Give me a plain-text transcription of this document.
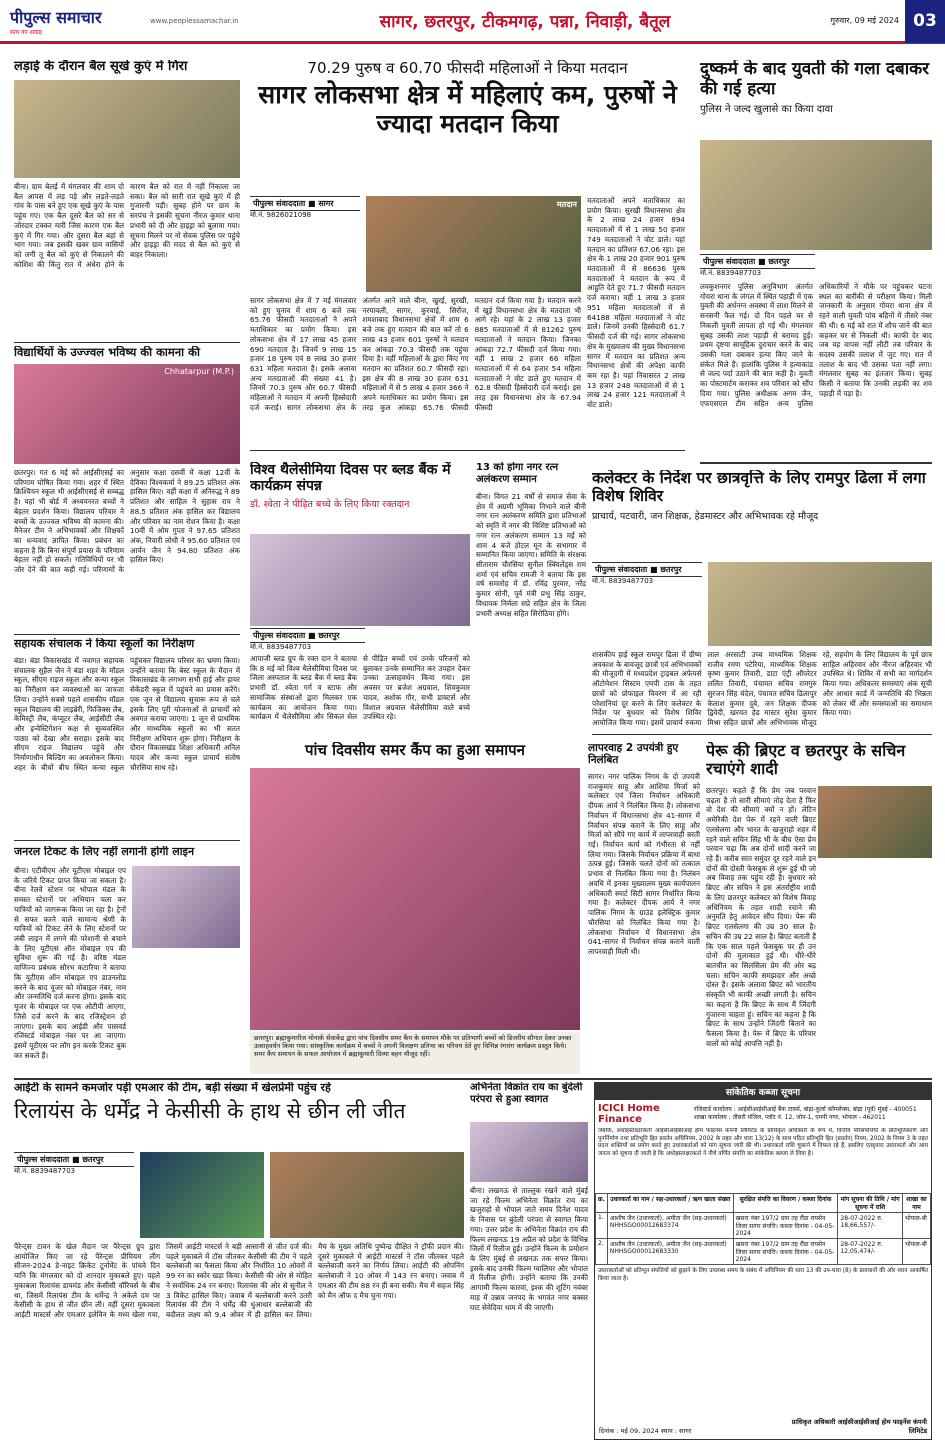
पीपुल्स समाचार
सत्य का आग्रह
www.peoplessamachar.in	सागर, छतरपुर, टीकमगढ़, पन्ना, निवाड़ी, बैतूल	गुरुवार, 09 मई 2024 03
लड़ाई के दौरान बैल सूखे कुएं में गिरा
बीना। ग्राम बेलई में मंगलवार की शाम दो बैल आपस में लड़ पड़े और लड़ते-लड़ते गांव के पास बने हुए एक सूखे कुएं के पास पहुंच गए। एक बैल दूसरे बैल को सर से जोरदार टक्कर मारी जिस कारण एक बैल कुएं में गिर गया। और दूसरा बैल बहां से भाग गया। जब इसकी खबर ग्राम वासियों को लगी तू बैल को कुएं से निकालने की कोशिश की किंतु रात में अंधेरा होने के कारण बैल को रात में नहीं निकाला जा सका। बैल को सारी रात सूखे कुएं में ही गुजारनी पड़ी। सुबह होने पर ग्राम के सरपंच ने इसकी सूचना नीरज कुमार थाना प्रभारी को दी और हाइड्रा को बुलाया गया। सूचना मिलने पर नो सेवक पुलिस पर पहुंचे और हाइड्रा की मदद से बैल को कुएं से बाहर निकाला।
विद्यार्थियों के उज्ज्वल भविष्य की कामना की
Chhatarpur (M.P.)
छतरपुर। गत 6 मई को आईसीएसई का परिणाम घोषित किया गया। शहर में स्थित क्रिश्चियन स्कूल भी आईसीएसई से सम्बद्ध है। यहां भी बोर्ड में अध्ययनरत बच्चों ने बेहतर प्रदर्शन किया। विद्यालय परिवार ने बच्चों के उज्ज्वल भविष्य की कामना की। मैनेजर टीम ने अभिभावकों और शिक्षकों का धन्यवाद ज्ञापित किया। प्रबंधन का कहना है कि बिना संपूर्ण प्रयास के परिणाम बेहतर नहीं हो सकते। गतिविधियों पर भी जोर देने की बात कही गई। परिणामों के अनुसार कक्षा दसवीं में कक्षा 12वीं के देविका विश्वकर्मा ने 89.25 प्रतिशत अंक हासिल किए। वहीं कक्षा में अनिरुद्ध ने 89 प्रतिशत और साहिल ने सुहास राय ने 88.5 प्रतिशत अंक हासिल कर विद्यालय और परिवार का नाम रोशन किया है। कक्षा 10वीं में ओम गुप्ता ने 97.65 प्रतिशत अंक, निवारी लोधी ने 95.60 प्रतिशत एवं आर्यन जैन ने 94.80 प्रतिशत अंक हासिल किए।
सहायक संचालक ने किया स्कूलों का निरीक्षण
बंडा। बंडा विकासखंड में नवागत सहायक संचालक सुहैल जैन ने बंडा शहर के मॉडल स्कूल, सीएम राइज स्कूल और कन्या स्कूल का निरीक्षण कर व्यवस्थाओं का जायजा लिया। उन्होंने सबसे पहले शासकीय मॉडल स्कूल विद्यालय की लाइब्रेरी, फिजिक्स लैब, केमिस्ट्री लैब, कंप्यूटर लैब, आईसीटी लैब और इन्वेस्टिगेशन कक्ष से सुव्यवस्थित पाठ्य को देखा और सराहा। इसके बाद सीएम राइज विद्यालय पहुंचे और निर्माणाधीन बिल्डिंग का अवलोकन किया। शहर के बीचों बीच स्थित कन्या स्कूल पहुंचकर विद्यालय परिसर का भ्रमण किया। उन्होंने बताया कि बेस्ट स्कूल के मैदान में विकासखंड के लगभग सभी हाई और हायर सेकेंडरी स्कूल में पहुंचने का प्रयास करेंगे। एक जून से विद्यालय सुचारू रूप से चले इसके लिए पूरी योजनाओं से प्राचार्यों को अवगत कराया जाएगा। 1 जून से प्राथमिक और माध्यमिक स्कूलों का भी सतत निरीक्षण अभियान शुरू होगा। निरीक्षण के दौरान विकासखंड शिक्षा अधिकारी अनिल यादव और कन्या स्कूल प्राचार्य संतोष चौरसिया साथ रहे।
जनरल टिकट के लिए नहीं लगानी होगी लाइन
बीना। एटीवीएम और यूटीएस मोबाइल एप के जरिये टिकट प्राप्त किया जा सकता है। बीना रेलवे स्टेशन पर भोपाल मंडल के समस्त स्टेशनों पर अभियान चला कर यात्रियों को जागरूक किया जा रहा है। ट्रेनों से सफर करने वाले सामान्य श्रेणी के यात्रियों को टिकट लेने के लिए स्टेशनों पर लंबी लाइन में लगने की परेशानी से बचाने के लिए यूटीएस ऑन मोबाइल एप की सुविधा शुरू की गई है। वरिष्ठ मंडल वाणिज्य प्रबंधक सौरभ कटारिया ने बताया कि यूटीएस ऑन मोबाइल एप डाउनलोड करने के बाद यूजर को मोबाइल नंबर, नाम और जन्मतिथि दर्ज करना होगा। इसके बाद यूजर के मोबाइल पर एक ओटीपी आएगा, जिसे दर्ज करने के बाद रजिस्ट्रेशन हो जाएगा। इसके बाद आईडी और पासवर्ड रजिस्टर्ड मोबाइल नंबर पर आ जाएगा। इसमें यूटीएस पर लॉग इन करके टिकट बुक कर सकते हैं।
70.29 पुरुष व 60.70 फीसदी महिलाओं ने किया मतदान
सागर लोकसभा क्षेत्र में महिलाएं कम, पुरुषों ने ज्यादा मतदान किया
पीपुल्स संवाददाता ■ सागर
मो.नं. 9826021098
मतदान
सागर लोकसभा क्षेत्र में 7 मई मंगलवार को हुए चुनाव में शाम 6 बजे तक 65.76 फीसदी मतदाताओं ने अपने मताधिकार का प्रयोग किया। इस लोकसभा क्षेत्र में 17 लाख 45 हजार 690 मतदाता है। जिनमें 9 लाख 15 हजार 18 पुरुष एवं 8 लाख 30 हजार 631 महिला मतदाता है। इसके अलावा अन्य मतदाताओं की संख्या 41 है। जिनमें 70.3 पुरुष और 60.7 फीसदी महिलाओं ने मतदान में अपनी हिस्सेदारी दर्ज कराई। सागर लोकसभा क्षेत्र के अंतर्गत आने वाले बीना, खुरई, सुरखी, नरयावली, सागर, कुरवाई, सिरोंज, शमशाबाद विधानसभा क्षेत्रों में शाम 6 बजे तक हुए मतदान की बात करें तो 6 लाख 43 हजार 601 पुरुषों ने मतदान कर आंकड़ा 70.3 फीसदी तक पहुंचा दिया है। वहीं महिलाओं के द्वारा किए गए मतदान का प्रतिशत 60.7 फीसदी रहा। इस क्षेत्र की 8 लाख 30 हजार 631 महिलाओं में से 5 लाख 4 हजार 366 ने अपने मताधिकार का प्रयोग किया। इस तरह कुल आंकड़ा 65.76 फीसदी मतदान दर्ज किया गया है। मतदान करने में खुई विधानसभा क्षेत्र के मतदाता भी आगे रहे। यहां के 2 लाख 13 हजार 885 मतदाताओं में से 81262 पुरुष मतदाताओं ने मतदान किया। जिनका आंकड़ा 72.7 फीसदी दर्ज किया गया। वहीं 1 लाख 2 हजार 66 महिला मतदाताओं में से 64 हजार 54 महिला मतदाताओं ने वोट डाले हुए मतदान में 62.8 फीसदी हिस्सेदारी दर्ज कराई। इस तरह इस विधानसभा क्षेत्र के 67.94 फीसदी
मतदाताओं अपने मताधिकार का प्रयोग किया। सुरखी विधानसभा क्षेत्र के 2 लाख 24 हजार 894 मतदाताओं में से 1 लाख 50 हजार 749 मतदाताओं ने वोट डाले। यहां मतदान का प्रतिशत 67.06 रहा। इस क्षेत्र के 1 लाख 20 हजार 901 पुरुष मतदाताओं में से 86636 पुरुष मतदाताओं ने मतदान के रूप में आहुति देते हुए 71.7 फीसदी मतदान दर्ज कराया। वहीं 1 लाख 3 हजार 951 महिला मतदाताओं में से 64188 महिला मतदाताओं ने वोट डाले। जिनमें उनकी हिस्सेदारी 61.7 फीसदी दर्ज की गई। सागर लोकसभा क्षेत्र के मुख्यालय की मुख्य विधानसभा सागर में मतदान का प्रतिशत अन्य विधानसभा क्षेत्रों की अपेक्षा काफी कम रहा है। यहां निवासरत 2 लाख 13 हजार 248 मतदाताओं में से 1 लाख 24 हजार 121 मतदाताओं ने वोट डाले।
दुष्कर्म के बाद युवती की गला दबाकर की गई हत्या
पुलिस ने जल्द खुलासे का किया दावा
पीपुल्स संवाददाता ■ छतरपुर
मो.नं. 8839487703
लवकुशनगर पुलिस अनुविभाग अंतर्गत गोयरा थाना के जंगल में स्थित पहाड़ी में एक युवती की अर्धनग्न अवस्था में लाश मिलने से सनसनी फैल गई। दो दिन पहले घर से निकली युवती लापता हो गई थी। मंगलवार सुबह उसकी लाश पहाड़ी से बरामद हुई। प्रथम दृष्टया सामूहिक दुराचार करने के बाद उसकी गला दबाकर हत्या किए जाने के संकेत मिले हैं। हालांकि पुलिस ने हत्याकांड से जल्द पर्दा उठाने की बात कही है। युवती का पोस्टमार्टम कराकर शव परिवार को सौंप दिया गया। पुलिस अधीक्षक अगम जैन, एफएसएल टीम सहित अन्य पुलिस अधिकारियों ने मौके पर पहुंचकर घटना स्थल का बारीकी से परीक्षण किया। मिली जानकारी के अनुसार गोयरा थाना क्षेत्र में रहने वाली युवती पांच बहिनों में तीसरे नंबर की थी। 6 मई को रात में शौच जाने की बात कहकर घर से निकली थी। काफी देर बाद जब वह वापस नहीं लौटी तब परिवार के सदस्य उसकी तलाश में जुट गए। रात में तलाश के बाद भी उसका पता नहीं लगा। मंगलवार सुबह का इंतजार किया। सुबह किसी ने बताया कि उनकी लड़की का शव पहाड़ी में पड़ा है।
विश्व थैलेसीमिया दिवस पर ब्लड बैंक में कार्यक्रम संपन्न
डॉ. श्वेता ने पीड़ित बच्चे के लिए किया रक्तदान
पीपुल्स संवाददाता ■ छतरपुर
मो.नं. 8839487703
आपाजी ब्लड ग्रुप के रक्त दान ने बताया कि 8 मई को विश्व थैलेसीमिया दिवस पर जिला अस्पताल के ब्लड बैंक में ब्लड बैंक प्रभारी डॉ. श्वेता गर्ग व स्टाफ और सामाजिक संस्थाओं द्वारा मिलकर एक कार्यक्रम का आयोजन किया गया। कार्यक्रम में थैलेसीमिया और सिकल सेल से पीड़ित बच्चों एवं उनके परिजनों को बुलाकर उनके सम्मानित कर उपहार देकर उनका उत्साहवर्धन किया गया। इस अवसर पर ब्रजेश अग्रवाल, शिवकुमार यादव, अशोक गौर, सभी डाक्टर्स और विशाल अग्रवाल थैलेसीमिया वाले बच्चे उपस्थित रहे।
13 को होगा नगर रत्न अलंकरण सम्मान
बीना। विगत 21 वर्षों से समाज सेवा के क्षेत्र में अग्रणी भूमिका निभाने वाले बीनी नगर रत्न अलंकरण समिति द्वारा प्रतिभाओं को स्मृति में नगर की विशिष्ट प्रतिभाओं को नगर रत्न अलंकरण सम्मान 13 मई को शाम 4 बजे होटल मून के सभागार में सम्मानित किया जाएगा। समिति के संरक्षक सीताराम चौरसिया सुनील स्क्विलेंड्स राम शर्मा एवं सचिव रामजी ने बताया कि इस वर्ष समारोह में डॉ. रविंद्र पुरवार, नरेंद्र कुमार सोनी, पूर्व मंत्री प्रभु सिंह ठाकुर, विधायक निर्मला सप्रे सहित क्षेत्र के जिला प्रभारी अध्यक्ष सहित सिरोठिया होंगे।
कलेक्टर के निर्देश पर छात्रवृत्ति के लिए रामपुर ढिला में लगा विशेष शिविर
प्राचार्य, पटवारी, जन शिक्षक, हेडमास्टर और अभिभावक रहे मौजूद
पीपुल्स संवाददाता ■ छतरपुर
मो.नं. 8839487703
शासकीय हाई स्कूल रामपुर ढिला में ग्रीष्म अवकाश के बावजूद छात्रों एवं अभिभावकों की मौजूदगी में मध्यप्रदेश ट्राइबल अफेयर्स ऑटोमेशन सिस्टम एमपी टास के तहत छात्रों को प्रोफाइल विवरण में आ रही परेशानियां दूर करने के लिए कलेक्टर के निर्देश पर बुधवार को विशेष शिविर आयोजित किया गया। इसमें प्राचार्य रुकमा लाल अरसाटी उच्च माध्यमिक शिक्षक राजीव रमण पटेरिया, माध्यमिक शिक्षक कृष्ण कुमार तिवारी, डाटा एंट्री ऑपरेटर ललित तिवारी, पंचायत सचिव रामगुरु सुरजन सिंह चंदेल, पंचायत सचिव ढिलापुर केलाश कुमार दुबे, जन शिक्षक दीपक द्विवेदी, खरयत हेड मास्टर सुरेश कुमार मिश्रा सहित छात्रों और अभिभावक मौजूद रहे, सहयोग के लिए विद्यालय के पूर्व छात्र साहिल अहिरवार और नीरज अहिरवार भी उपस्थित थे। शिविर में सभी का मार्गदर्शन किया गया। अधिकतर समस्याएं अंक सूची और आधार कार्ड में जन्मतिथि की भिन्नता को लेकर थीं और समस्याओं का समाधान किया गया।
पांच दिवसीय समर कैंप का हुआ समापन
छतरपुर। ब्रह्माकुमारीज मोनार्क सेवाकेंद्र द्वारा पांच दिवसीय समर कैंप के समापन मौके पर प्रतिभागी बच्चों को डिजरीय सौगात देकर उनका उत्साहवर्धन किया गया। सांस्कृतिक कार्यक्रम में बच्चों ने अपनी विलक्षण प्रतिभा का परिचय देते हुए विभिन्न रंगारंग कार्यक्रम प्रस्तुत किये। समर कैंप समापन के सफल आयोजन में ब्रह्माकुमारी दिव्या बहन मौजूद रहीं।
लापरवाह 2 उपयंत्री हुए निलंबित
सागर। नगर पालिक निगम के दो उपयंत्री राजकुमार साहू और आशिया मिर्जा को कलेक्टर एवं जिला निर्वाचन अधिकारी दीपक आर्य ने निलंबित किया है। लोकसभा निर्वाचन में विधानसभा क्षेत्र 41-सागर में निर्वाचन संपन्न कराने के लिए साहू और मिर्जा को सौंपे गए कार्य में लापरवाही बरती गई। निर्वाचन कार्य को गंभीरता से नहीं लिया गया। जिसके निर्वाचन प्रक्रिया में बाधा उत्पन्न हुई। जिसके चलते दोनों को तत्काल प्रभाव से निलंबित किया गया है। निलंबन अवधि में इनका मुख्यालय मुख्य कार्यपालन अधिकारी स्मार्ट सिटी सागर निर्धारित किया गया है। कलेक्टर दीपक आर्य ने नगर पालिक निगम के ग्राउंड इलेक्ट्रिक कुमार चौरसिया को निलंबित किया गया है। लोकसभा निर्वाचन में विधानसभा क्षेत्र 041-सागर में निर्वाचन संपन्न कराने वाली लापरवाही मिली थी।
पेरू की ब्रिएट व छतरपुर के सचिन रचाएंगे शादी
छतरपुर। कहते हैं कि प्रेम जब परवान चढ़ता है तो सारी सीमाएं तोड़ देता है फिर वो देश की सीमाएं क्यों न हों। लेटिन अमेरिकी देश पेरू में रहने वाली ब्रिएट एलसेलगा और भारत के खजुराहो शहर में रहने वाले सचिन सिंह भी के बीच ऐसा प्रेम परवान चढ़ा कि अब दोनों शादी करने जा रहे हैं। करीब सात समुंदर दूर रहने वाले इन दोनों की दोस्ती फेसबुक से शुरू हुई थी जो अब विवाह तक पहुंच रही है। बुधवार को ब्रिएट और सचिन ने इस अंतर्राष्ट्रीय शादी के लिए छतरपुर कलेक्टर को विशेष विवाह अधिनियम के तहत शादी रचाने की अनुमति हेतु आवेदन सौंप दिया। पेरू की ब्रिएट एलसेलगा की उम्र 30 साल है। सचिन की उम्र 22 साल है। ब्रिएट बताती हैं कि एक साल पहले फेसबुक पर ही उन दोनों की मुलाकात हुई थी। धीरे-धीरे बातचीत का सिलसिला प्रेम की ओर बढ़ चला। सचिन काफी समझदार और अच्छे दोस्त हैं। इसके अलावा ब्रिएट को भारतीय संस्कृति भी काफी अच्छी लगती है। सचिन का कहना है कि ब्रिएट के साथ मैं जिंदगी गुजारना चाहता हूं। सचिन का कहना है कि ब्रिएट के साथ उन्होंने जिंदगी बिताने का फैसला किया है। पेरू में ब्रिएट के परिवार वालों को कोई आपत्ति नहीं है।
आईटी के सामने कमजोर पड़ी एमआर की टीम, बड़ी संख्या में खेलप्रेमी पहुंच रहे
रिलायंस के धर्मेंद्र ने केसीसी के हाथ से छीन ली जीत
पीपुल्स संवाददाता ■ छतरपुर
मो.नं. 8839487703
पैरेन्ट्स टावन के खेल मैदान पर पैरेन्ट्स ग्रुप द्वारा आयोजित किए जा रहे पैरेन्ट्स प्रीमियम लीग सीजन-2024 डे-नाइट क्रिकेट टूर्नामेंट के पांचवे दिन यानि कि मंगलवार को दो शानदार मुकाबले हुए। पहले मुकाबला रिलायंस डायमंड और केसीसी वॉरियर्स के बीच था, जिसमें रिलायंस टीम के धर्मेन्द्र ने अकेले दम पर केसीसी के हाथ से जीत छीन ली। वहीं दूसरा मुकाबला आईटी मास्टर्स और एमआर इलेविन के मध्य खेला गया, जिसमें आईटी मास्टर्स ने बड़ी आसानी से जीत दर्ज की। पहले मुकाबले में टॉस जीतकर केसीसी की टीम ने पहले बल्लेबाजी का फैसला किया और निर्धारित 10 ओवरों में 99 रन का स्कोर खड़ा किया। केसीसी की ओर से मोहित ने सर्वाधिक 24 रन बनाए। रिलायंस की ओर से सुनील ने 3 विकेट हासिल किए। जवाब में बल्लेबाजी करने उतरी रिलायंस की टीम ने धर्मेंद्र की धुंआधार बल्लेबाजी की बदौलत लक्ष्य को 9.4 ओवर में ही हासिल कर लिया। मैच के मुख्य अतिथि पुष्पेन्द्र दीक्षित ने ट्रॉफी प्रदान की। दूसरे मुकाबले में आईटी मास्टर्स ने टॉस जीतकर पहले बल्लेबाजी करने का निर्णय लिया। आईटी की ओपनिंग बल्लेबाजी ने 10 ओवर में 143 रन बनाए। जवाब में एमआर की टीम 88 रन ही बना सकी। मैच में सहज सिंह को मैन ऑफ द मैच चुना गया।
अभिनेता विक्रांत राय का बुंदेली परंपरा से हुआ स्वागत
बीना। लखनऊ से ताल्लुक रखने वाले मुंबई जा रहे फिल्म अभिनेता विक्रांत राय का खजुराहो से भोपाल जाते समय दिनेश यादव के निवास पर बुंदेली परंपरा से स्वागत किया गया। उत्तर प्रदेश के अभिनेता विक्रांत राय की फिल्म लखनऊ 19 अप्रैल को प्रदेश के विभिन्न जिलों में रिलीज हुई। उन्होंने फिल्म के प्रमोशन के लिए मुंबई से लखनऊ तक सफर किया। इसके बाद उनकी फिल्म ग्वालियर और भोपाल में रिलीज होगी। उन्होंने बताया कि उनकी आगामी फिल्म कारवां, इश्क की शूटिंग नवंबर माह में उन्नाव जनपद के भगवंत नगर बक्सर घाट सेवेदिया धाम में की जाएगी।
सांकेतिक कब्जा सूचना
ICICI Home Finance
रजिस्टर्ड कार्यालय : आईसीआईसीआई बैंक टावर्स, बांद्रा-कुर्ला कॉम्प्लेक्स, बांद्रा (पूर्व) मुंबई - 400051
शाखा कार्यालय : तीसरी मंजिल, प्लॉट नं. 12, जोन-1, एमपी नगर, भोपाल - 462011
जबकि, अधोहस्ताक्षरकर्ता आईसीआईसीआई होम फाइनेंस कंपनी लिमिटेड के प्राधिकृत अधिकारी के रूप में, वित्तीय परिसंपत्तियों के प्रतिभूतिकरण और पुनर्निर्माण तथा प्रतिभूति हित प्रवर्तन अधिनियम, 2002 के तहत और धारा 13(12) के साथ पठित प्रतिभूति हित (प्रवर्तन) नियम, 2002 के नियम 3 के तहत प्रदत्त शक्तियों का प्रयोग करते हुए उधारकर्ताओं को मांग सूचना जारी की थी। उधारकर्ता राशि चुकाने में विफल रहे हैं, इसलिए एतद्द्वारा उधारकर्ता और आम जनता को सूचना दी जाती है कि अधोहस्ताक्षरकर्ता ने नीचे वर्णित संपत्ति का सांकेतिक कब्जा ले लिया है।
क्र.	उधारकर्ता का नाम / सह-उधारकर्ता / ऋण खाता संख्या	सुरक्षित संपत्ति का विवरण / कब्जा दिनांक	मांग सूचना की तिथि / मांग सूचना में राशि	शाखा का नाम
1.	आशीष जैन (उधारकर्ता), अमीता जैन (सह-उधारकर्ता) NHHSGO00012683374	खसरा नंबर 197/2 ग्राम तह रौंडा रायसेन जिला सागर संपत्ति। कब्जा दिनांक - 04-05-2024	28-07-2022 रु. 18,66,557/-	भोपाल-बी
2.	आशीष जैन (उधारकर्ता), अमीता जैन (सह-उधारकर्ता) NHHSGO00012683330	खसरा नंबर 197/2 ग्राम तह रौंडा रायसेन जिला सागर संपत्ति। कब्जा दिनांक - 04-05-2024	28-07-2022 रु. 12,05,474/-	भोपाल-बी
उधारकर्ताओं को प्रतिभूत संपत्तियों को छुड़ाने के लिए उपलब्ध समय के संबंध में अधिनियम की धारा 13 की उप-धारा (8) के प्रावधानों की ओर ध्यान आकर्षित किया जाता है।
दिनांक : मई 09, 2024 स्थान : सागर
प्राधिकृत अधिकारी आईसीआईसीआई होम फाइनेंस कंपनी लिमिटेड
